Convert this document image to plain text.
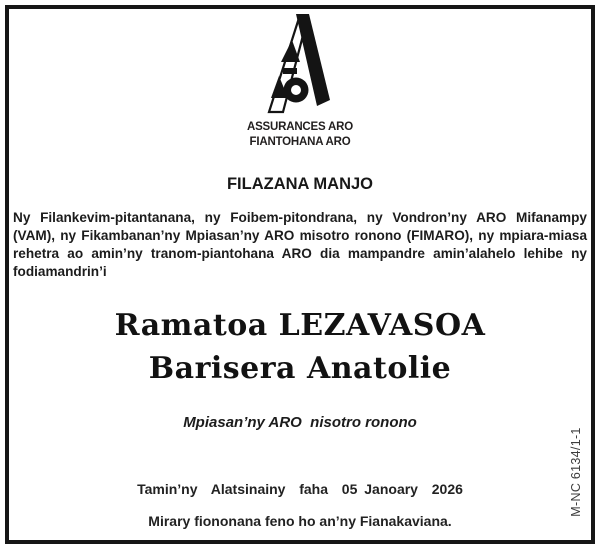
ASSURANCES ARO
FIANTOHANA ARO
FILAZANA MANJO

Ny Filankevim-pitantanana, ny Foibem-pitondrana, ny Vondron’ny ARO Mifanampy (VAM), ny Fikambanan’ny Mpiasan’ny ARO misotro ronono (FIMARO), ny mpiara-miasa rehetra ao amin’ny tranom-piantohana ARO dia mampandre amin’alahelo lehibe ny fodiamandrin’i

Ramatoa LEZAVASOA
Barisera Anatolie
Mpiasan’ny ARO  nisotro ronono
Tamin’ny  Alatsinainy  faha  05 Janoary  2026
Mirary fiononana feno ho an’ny Fianakaviana.
M-NC 6134/1-1
